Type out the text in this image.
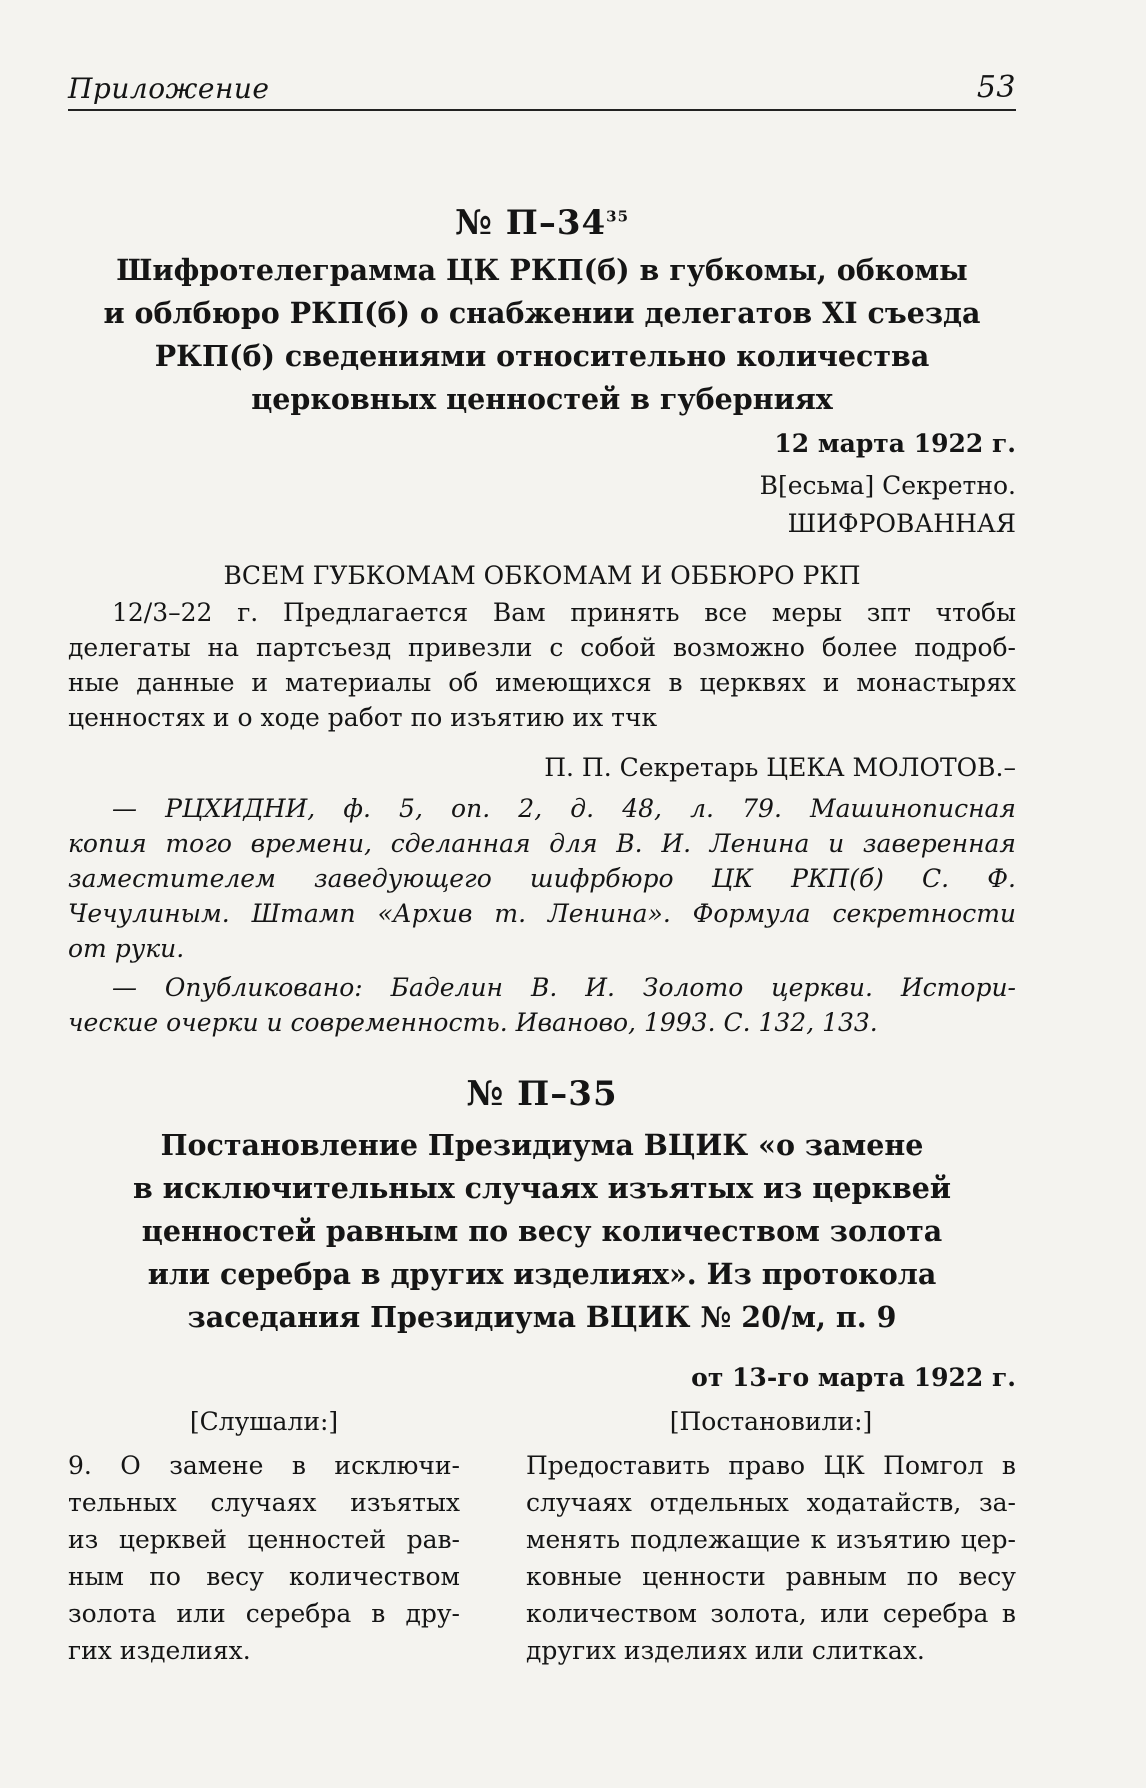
Приложение	53
№ $П-34^{35}$
Шифротелеграмма ЦК РКП(б) в губкомы, обкомы
и облбюро РКП(б) о снабжении делегатов XI съезда
РКП(б) сведениями относительно количества
церковных ценностей в губерниях
12 марта 1922 г.
В[есьма] Секретно.
ШИФРОВАННАЯ
ВСЕМ ГУБКОМАМ ОБКОМАМ И ОББЮРО РКП
12/3–22 г. Предлагается Вам принять все меры зпт чтобы
делегаты на партсъезд привезли с собой возможно более подроб-
ные данные и материалы об имеющихся в церквях и монастырях
ценностях и о ходе работ по изъятию их тчк
П. П. Секретарь ЦЕКА МОЛОТОВ.–
— РЦХИДНИ, ф. 5, оп. 2, д. 48, л. 79. Машинописная
копия того времени, сделанная для В. И. Ленина и заверенная
заместителем заведующего шифрбюро ЦК РКП(б) С. Ф.
Чечулиным. Штамп «Архив т. Ленина». Формула секретности
от руки.
— Опубликовано: Баделин В. И. Золото церкви. Истори-
ческие очерки и современность. Иваново, 1993. С. 132, 133.
№ П–35
Постановление Президиума ВЦИК «о замене
в исключительных случаях изъятых из церквей
ценностей равным по весу количеством золота
или серебра в других изделиях». Из протокола
заседания Президиума ВЦИК № 20/м, п. 9
от 13-го марта 1922 г.
[Слушали:]
9. О замене в исключи-
тельных случаях изъятых
из церквей ценностей рав-
ным по весу количеством
золота или серебра в дру-
гих изделиях.
[Постановили:]
Предоставить право ЦК Помгол в
случаях отдельных ходатайств, за-
менять подлежащие к изъятию цер-
ковные ценности равным по весу
количеством золота, или серебра в
других изделиях или слитках.
